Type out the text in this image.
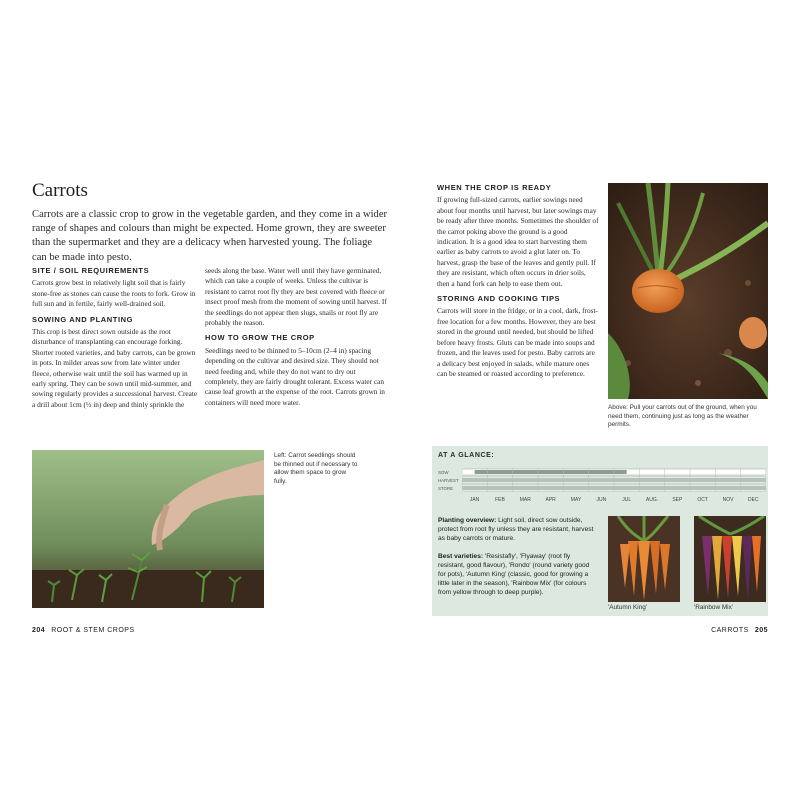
Carrots
Carrots are a classic crop to grow in the vegetable garden, and they come in a wider range of shapes and colours than might be expected. Home grown, they are sweeter than the supermarket and they are a delicacy when harvested young. The foliage can be made into pesto.
SITE / SOIL REQUIREMENTS

Carrots grow best in relatively light soil that is fairly stone-free as stones can cause the roots to fork. Grow in full sun and in fertile, fairly well-drained soil.

SOWING AND PLANTING

This crop is best direct sown outside as the root disturbance of transplanting can encourage forking. Shorter rooted varieties, and baby carrots, can be grown in pots. In milder areas sow from late winter under fleece, otherwise wait until the soil has warmed up in early spring. They can be sown until mid-summer, and sowing regularly provides a successional harvest. Create a drill about 1cm (½ in) deep and thinly sprinkle the

seeds along the base. Water well until they have germinated, which can take a couple of weeks. Unless the cultivar is resistant to carrot root fly they are best covered with fleece or insect proof mesh from the moment of sowing until harvest. If the seedlings do not appear then slugs, snails or root fly are probably the reason.

HOW TO GROW THE CROP

Seedlings need to be thinned to 5–10cm (2–4 in) spacing depending on the cultivar and desired size. They should not need feeding and, while they do not want to dry out completely, they are fairly drought tolerant. Excess water can cause leaf growth at the expense of the root. Carrots grown in containers will need more water.

WHEN THE CROP IS READY

If growing full-sized carrots, earlier sowings need about four months until harvest, but later sowings may be ready after three months. Sometimes the shoulder of the carrot poking above the ground is a good indication. It is a good idea to start harvesting them earlier as baby carrots to avoid a glut later on. To harvest, grasp the base of the leaves and gently pull. If they are resistant, which often occurs in drier soils, then a hand fork can help to ease them out.

STORING AND COOKING TIPS

Carrots will store in the fridge, or in a cool, dark, frost-free location for a few months. However, they are best stored in the ground until needed, but should be lifted before heavy frosts. Gluts can be made into soups and frozen, and the leaves used for pesto. Baby carrots are a delicacy best enjoyed in salads, while mature ones can be steamed or roasted according to preference.

Above: Pull your carrots out of the ground, when you need them, continuing just as long as the weather permits.
Left: Carrot seedlings should be thinned out if necessary to allow them space to grow fully.
AT A GLANCE:
SOW
HARVEST
STORE
JAN	FEB	MAR	APR	MAY	JUN	JUL	AUG.	SEP	OCT	NOV	DEC
Planting overview: Light soil, direct sow outside, protect from root fly unless they are resistant, harvest as baby carrots or mature.
Best varieties: 'Resistafly', 'Flyaway' (root fly resistant, good flavour), 'Rondo' (round variety good for pots), 'Autumn King' (classic, good for growing a little later in the season), 'Rainbow Mix' (for colours from yellow through to deep purple).
'Autumn King'	'Rainbow Mix'
204 ROOT & STEM CROPS	CARROTS 205
